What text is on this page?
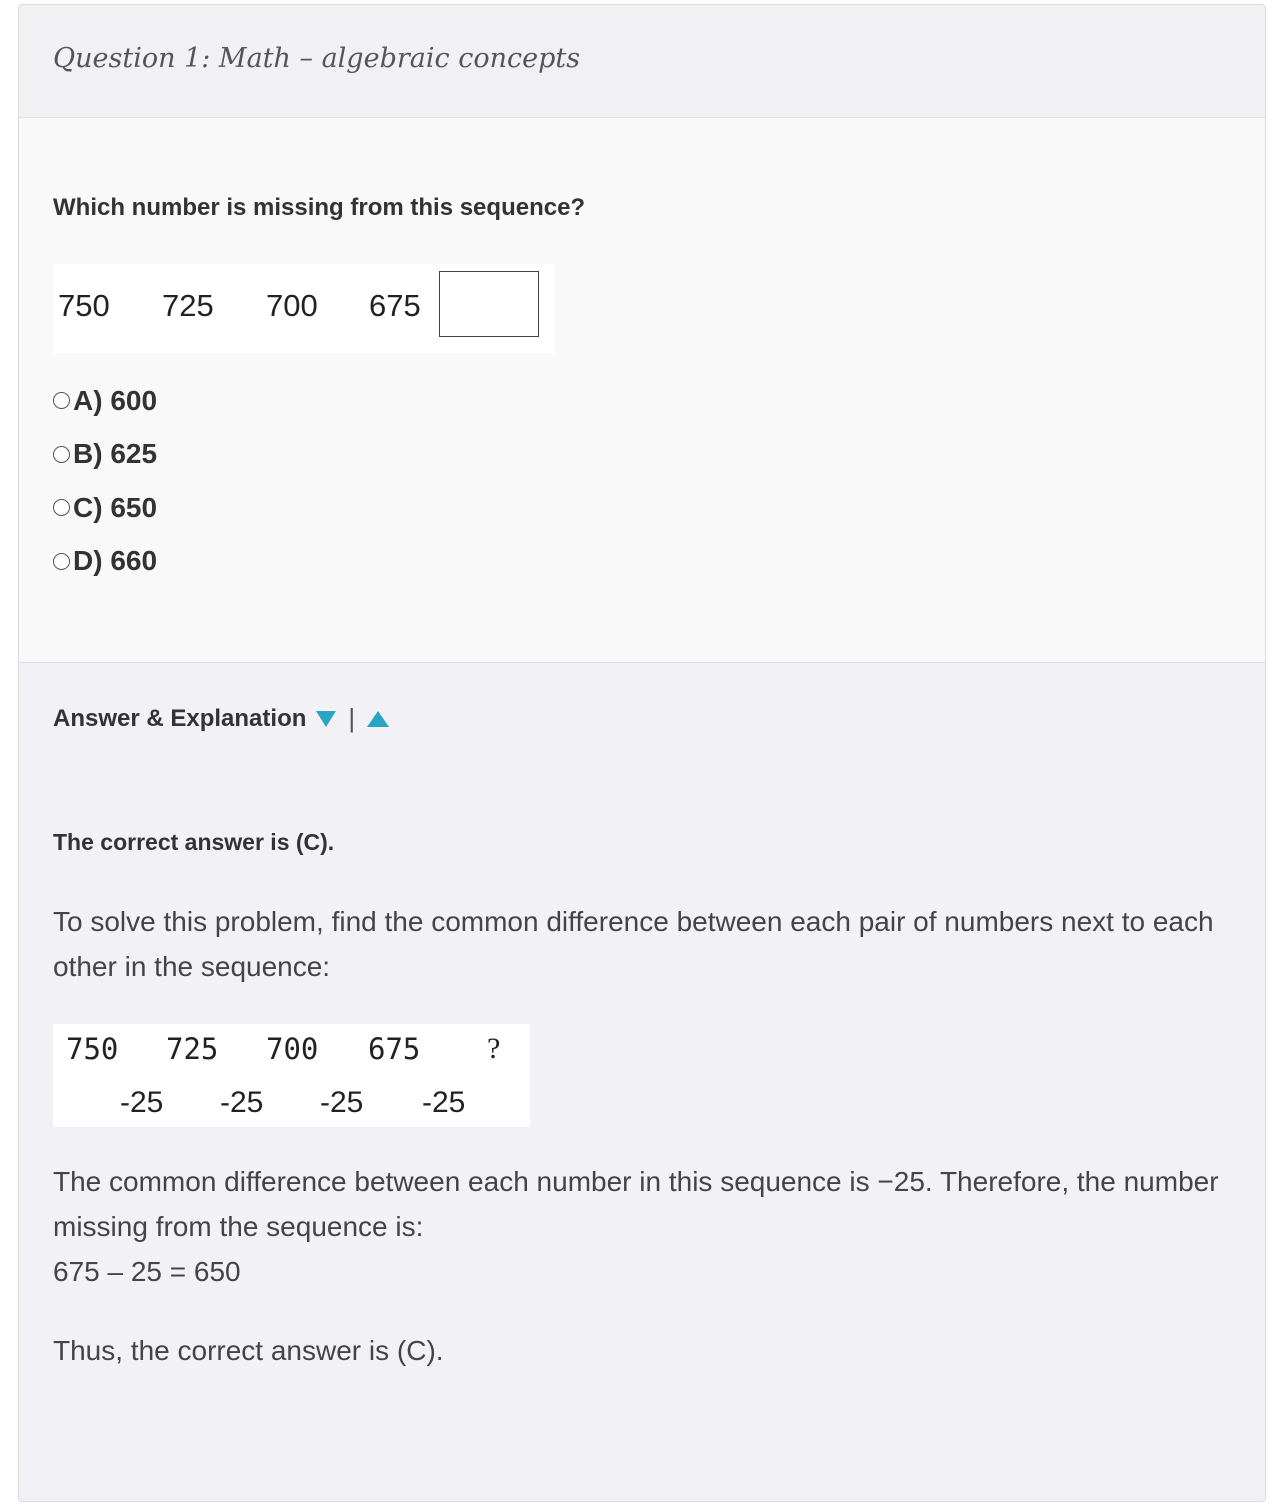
Question 1: Math – algebraic concepts
Which number is missing from this sequence?
750 725 700 675
A) 600
B) 625
C) 650
D) 660
Answer & Explanation |
The correct answer is (C).
To solve this problem, find the common difference between each pair of numbers next to each other in the sequence:
750 725 700 675 ?
-25 -25 -25 -25
The common difference between each number in this sequence is −25. Therefore, the number missing from the sequence is:
675 – 25 = 650
Thus, the correct answer is (C).
